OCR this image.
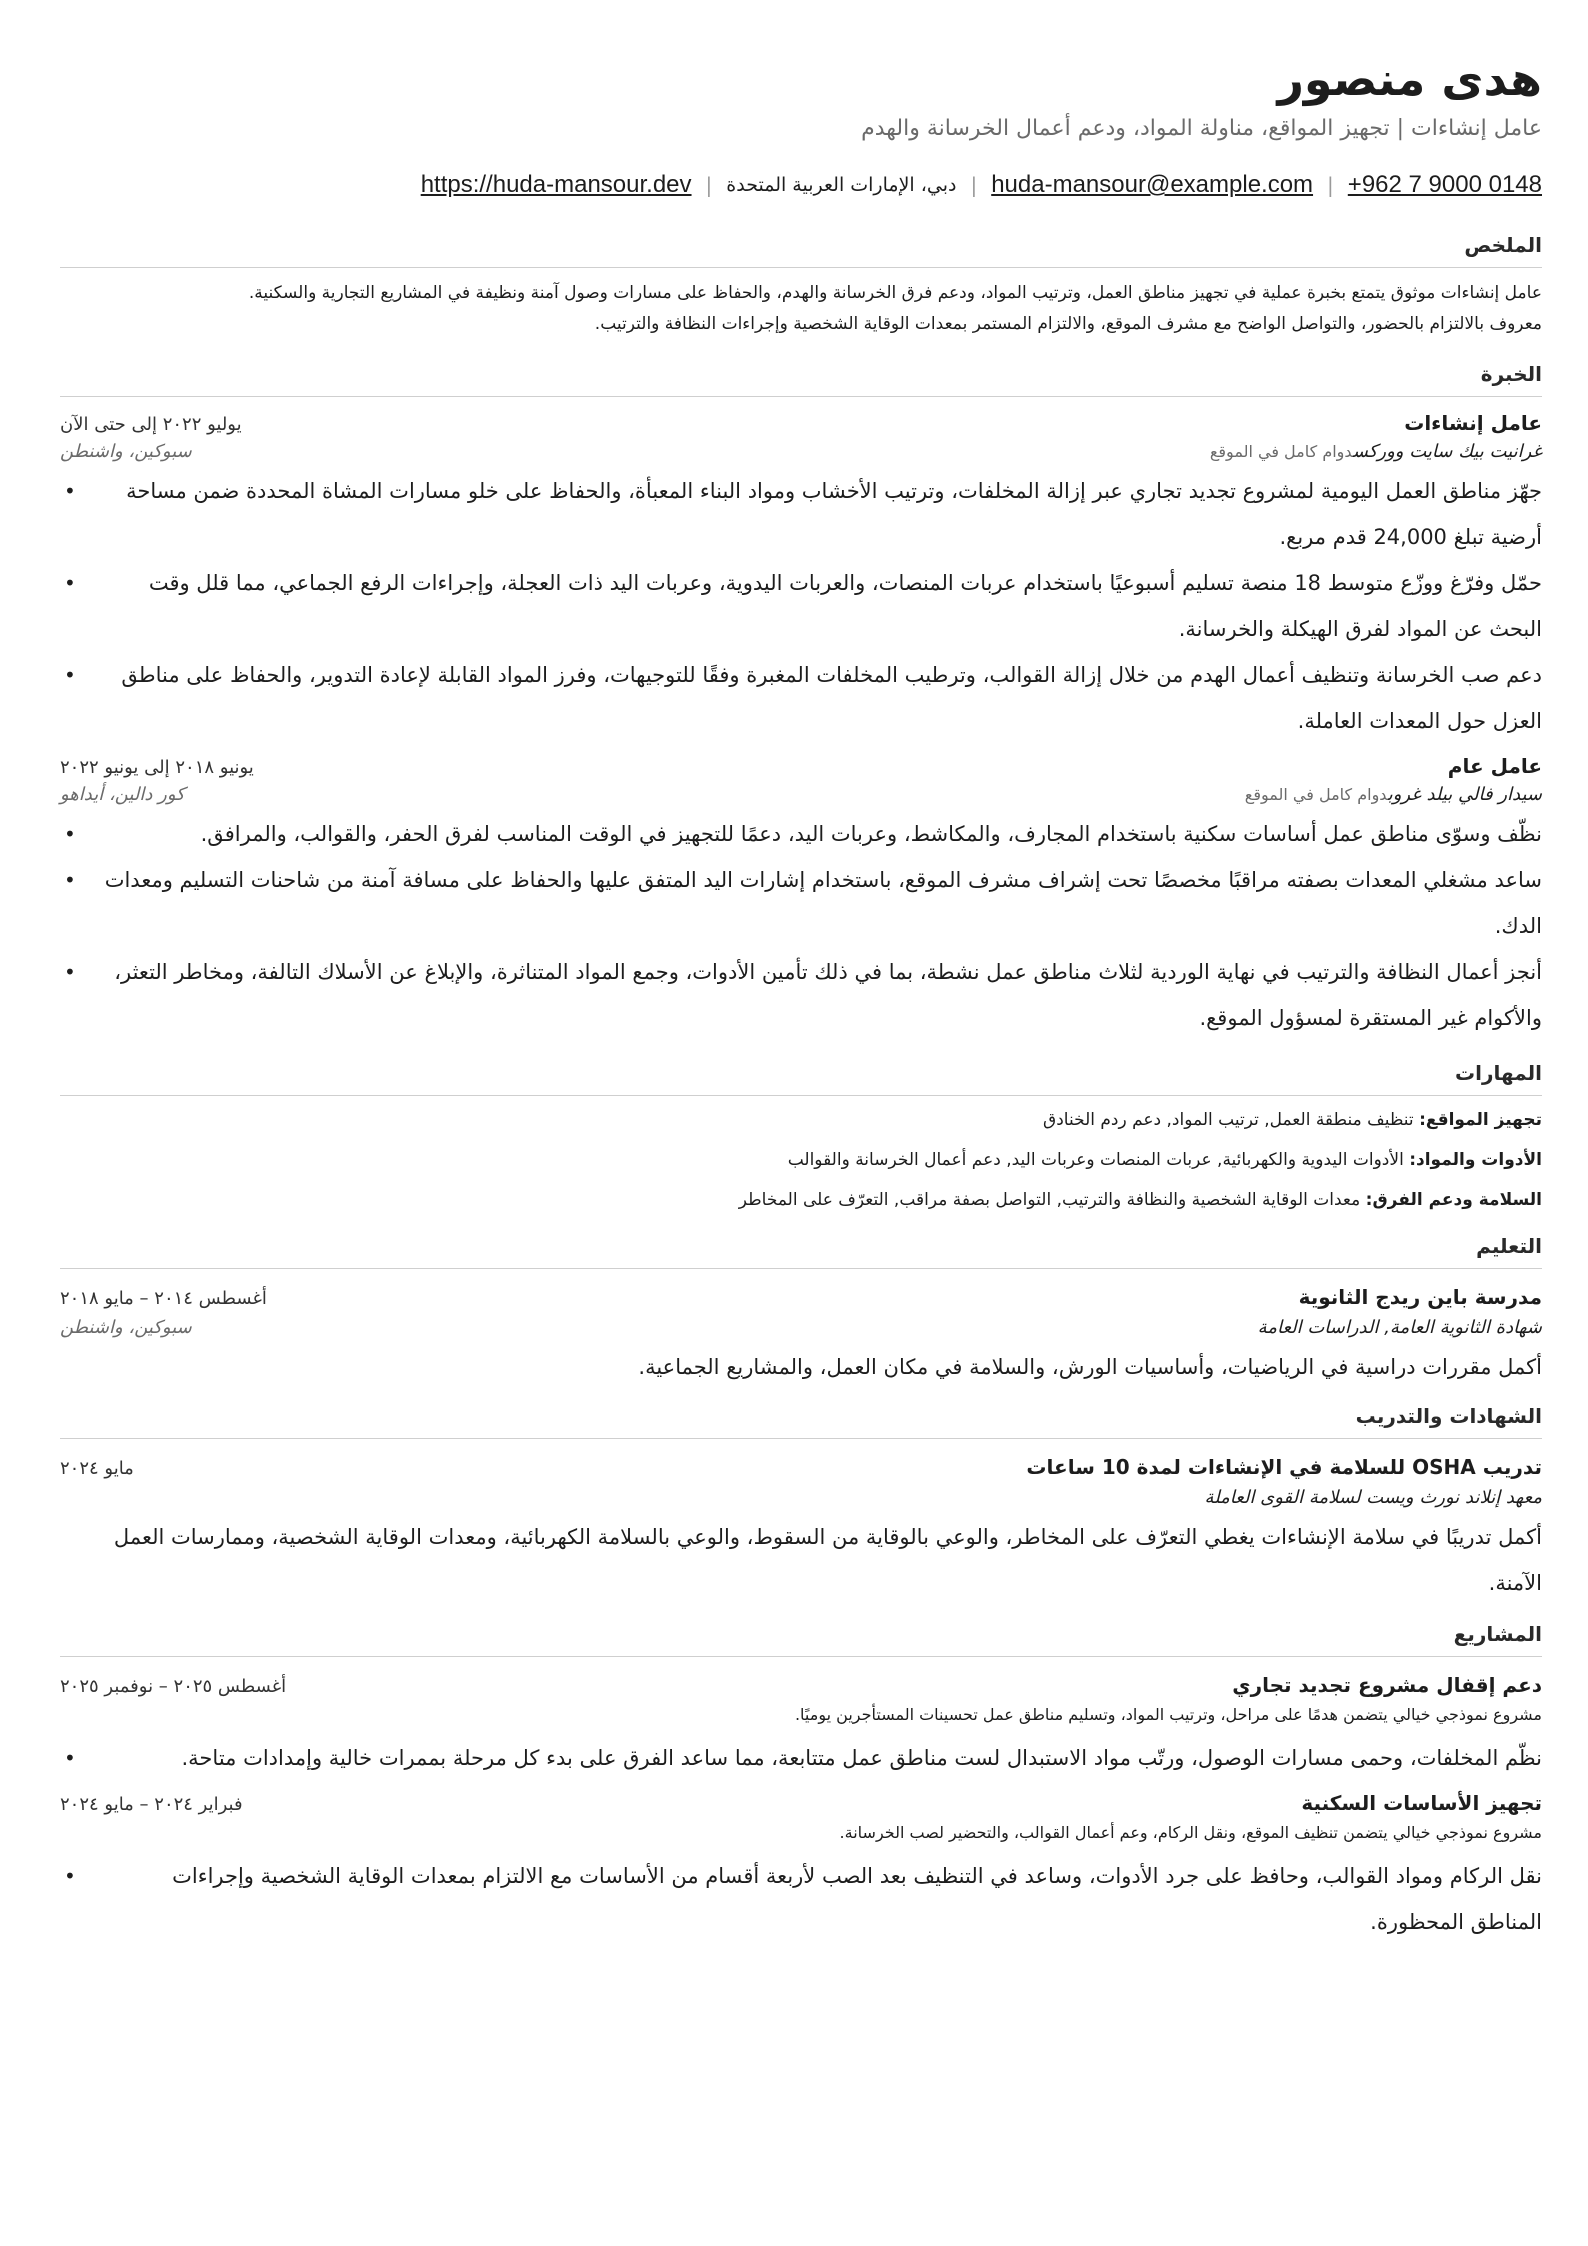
هدى منصور
عامل إنشاءات | تجهيز المواقع، مناولة المواد، ودعم أعمال الخرسانة والهدم
https://huda-mansour.dev | دبي، الإمارات العربية المتحدة | huda-mansour@example.com | +962 7 9000 0148
الملخص

عامل إنشاءات موثوق يتمتع بخبرة عملية في تجهيز مناطق العمل، وترتيب المواد، ودعم فرق الخرسانة والهدم، والحفاظ على مسارات وصول آمنة ونظيفة في المشاريع التجارية والسكنية.

معروف بالالتزام بالحضور، والتواصل الواضح مع مشرف الموقع، والالتزام المستمر بمعدات الوقاية الشخصية وإجراءات النظافة والترتيب.

الخبرة
عامل إنشاءات
يوليو ٢٠٢٢ إلى حتى الآن
غرانيت بيك سايت ووركسدوام كامل في الموقع
سبوكين، واشنطن
• جهّز مناطق العمل اليومية لمشروع تجديد تجاري عبر إزالة المخلفات، وترتيب الأخشاب ومواد البناء المعبأة، والحفاظ على خلو مسارات المشاة المحددة ضمن مساحة أرضية تبلغ 24,000 قدم مربع.
• حمّل وفرّغ ووزّع متوسط 18 منصة تسليم أسبوعيًا باستخدام عربات المنصات، والعربات اليدوية، وعربات اليد ذات العجلة، وإجراءات الرفع الجماعي، مما قلل وقت البحث عن المواد لفرق الهيكلة والخرسانة.
• دعم صب الخرسانة وتنظيف أعمال الهدم من خلال إزالة القوالب، وترطيب المخلفات المغبرة وفقًا للتوجيهات، وفرز المواد القابلة لإعادة التدوير، والحفاظ على مناطق العزل حول المعدات العاملة.
عامل عام
يونيو ٢٠١٨ إلى يونيو ٢٠٢٢
سيدار فالي بيلد غروبدوام كامل في الموقع
كور دالين، أيداهو
• نظّف وسوّى مناطق عمل أساسات سكنية باستخدام المجارف، والمكاشط، وعربات اليد، دعمًا للتجهيز في الوقت المناسب لفرق الحفر، والقوالب، والمرافق.
• ساعد مشغلي المعدات بصفته مراقبًا مخصصًا تحت إشراف مشرف الموقع، باستخدام إشارات اليد المتفق عليها والحفاظ على مسافة آمنة من شاحنات التسليم ومعدات الدك.
• أنجز أعمال النظافة والترتيب في نهاية الوردية لثلاث مناطق عمل نشطة، بما في ذلك تأمين الأدوات، وجمع المواد المتناثرة، والإبلاغ عن الأسلاك التالفة، ومخاطر التعثر، والأكوام غير المستقرة لمسؤول الموقع.
المهارات
تجهيز المواقع: تنظيف منطقة العمل, ترتيب المواد, دعم ردم الخنادق
الأدوات والمواد: الأدوات اليدوية والكهربائية, عربات المنصات وعربات اليد, دعم أعمال الخرسانة والقوالب
السلامة ودعم الفرق: معدات الوقاية الشخصية والنظافة والترتيب, التواصل بصفة مراقب, التعرّف على المخاطر
التعليم
مدرسة باين ريدج الثانوية
أغسطس ٢٠١٤ – مايو ٢٠١٨
شهادة الثانوية العامة, الدراسات العامة
سبوكين، واشنطن

أكمل مقررات دراسية في الرياضيات، وأساسيات الورش، والسلامة في مكان العمل، والمشاريع الجماعية.

الشهادات والتدريب
تدريب OSHA للسلامة في الإنشاءات لمدة 10 ساعات
مايو ٢٠٢٤
معهد إنلاند نورث ويست لسلامة القوى العاملة

أكمل تدريبًا في سلامة الإنشاءات يغطي التعرّف على المخاطر، والوعي بالوقاية من السقوط، والوعي بالسلامة الكهربائية، ومعدات الوقاية الشخصية، وممارسات العمل الآمنة.

المشاريع
دعم إقفال مشروع تجديد تجاري
أغسطس ٢٠٢٥ – نوفمبر ٢٠٢٥

مشروع نموذجي خيالي يتضمن هدمًا على مراحل، وترتيب المواد، وتسليم مناطق عمل تحسينات المستأجرين يوميًا.

• نظّم المخلفات، وحمى مسارات الوصول، ورتّب مواد الاستبدال لست مناطق عمل متتابعة، مما ساعد الفرق على بدء كل مرحلة بممرات خالية وإمدادات متاحة.
تجهيز الأساسات السكنية
فبراير ٢٠٢٤ – مايو ٢٠٢٤

مشروع نموذجي خيالي يتضمن تنظيف الموقع، ونقل الركام، وعم أعمال القوالب، والتحضير لصب الخرسانة.

• نقل الركام ومواد القوالب، وحافظ على جرد الأدوات، وساعد في التنظيف بعد الصب لأربعة أقسام من الأساسات مع الالتزام بمعدات الوقاية الشخصية وإجراءات المناطق المحظورة.
